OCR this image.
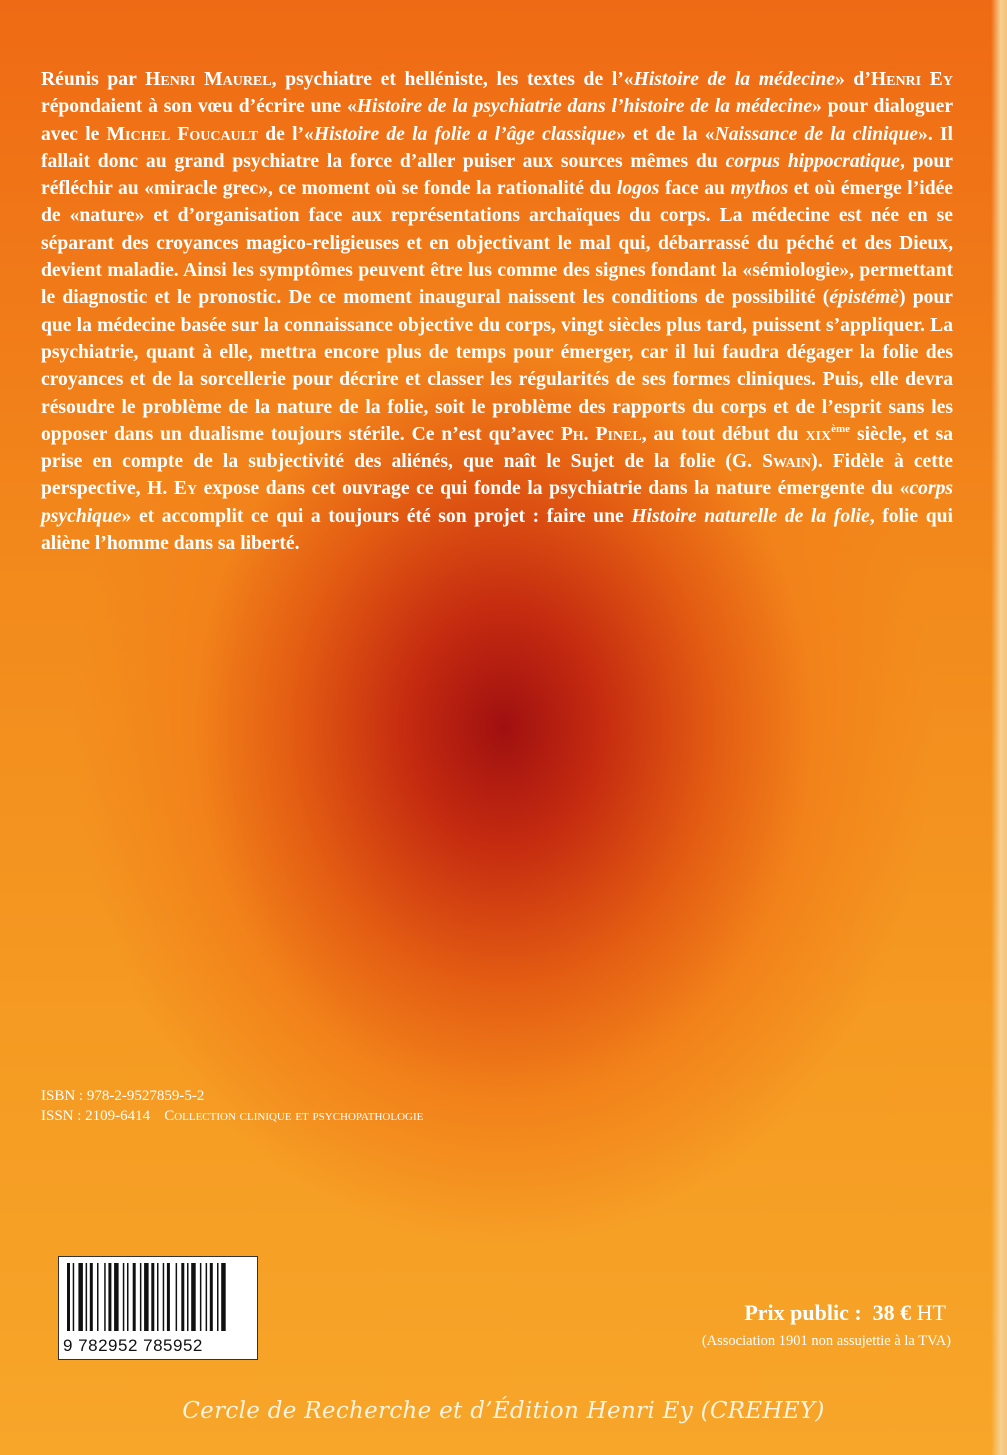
Réunis par Henri Maurel, psychiatre et helléniste, les textes de l’«Histoire de la médecine» d’Henri Ey répondaient à son vœu d’écrire une «Histoire de la psychiatrie dans l’histoire de la médecine» pour dialoguer avec le Michel Foucault de l’«Histoire de la folie a l’âge classique» et de la «Naissance de la clinique». Il fallait donc au grand psychiatre la force d’aller puiser aux sources mêmes du corpus hippocratique, pour réfléchir au «miracle grec», ce moment où se fonde la rationalité du logos face au mythos et où émerge l’idée de «nature» et d’organisation face aux représentations archaïques du corps. La médecine est née en se séparant des croyances magico-religieuses et en objectivant le mal qui, débarrassé du péché et des Dieux, devient maladie. Ainsi les symptômes peuvent être lus comme des signes fondant la «sémiologie», permettant le diagnostic et le pronostic. De ce moment inaugural naissent les conditions de possibilité (épistémè) pour que la médecine basée sur la connaissance objective du corps, vingt siècles plus tard, puissent s’appliquer. La psychiatrie, quant à elle, mettra encore plus de temps pour émerger, car il lui faudra dégager la folie des croyances et de la sorcellerie pour décrire et classer les régularités de ses formes cliniques. Puis, elle devra résoudre le problème de la nature de la folie, soit le problème des rapports du corps et de l’esprit sans les opposer dans un dualisme toujours stérile. Ce n’est qu’avec Ph. Pinel, au tout début du xix$^{ème}$ siècle, et sa prise en compte de la subjectivité des aliénés, que naît le Sujet de la folie (G. Swain). Fidèle à cette perspective, H. Ey expose dans cet ouvrage ce qui fonde la psychiatrie dans la nature émergente du «corps psychique» et accomplit ce qui a toujours été son projet : faire une Histoire naturelle de la folie, folie qui aliène l’homme dans sa liberté.

ISBN : 978-2-9527859-5-2
ISSN : 2109-6414 Collection clinique et psychopathologie
9 782952 785952
Prix public : 38 € HT
(Association 1901 non assujettie à la TVA)
Cercle de Recherche et d’Édition Henri Ey (CREHEY)
